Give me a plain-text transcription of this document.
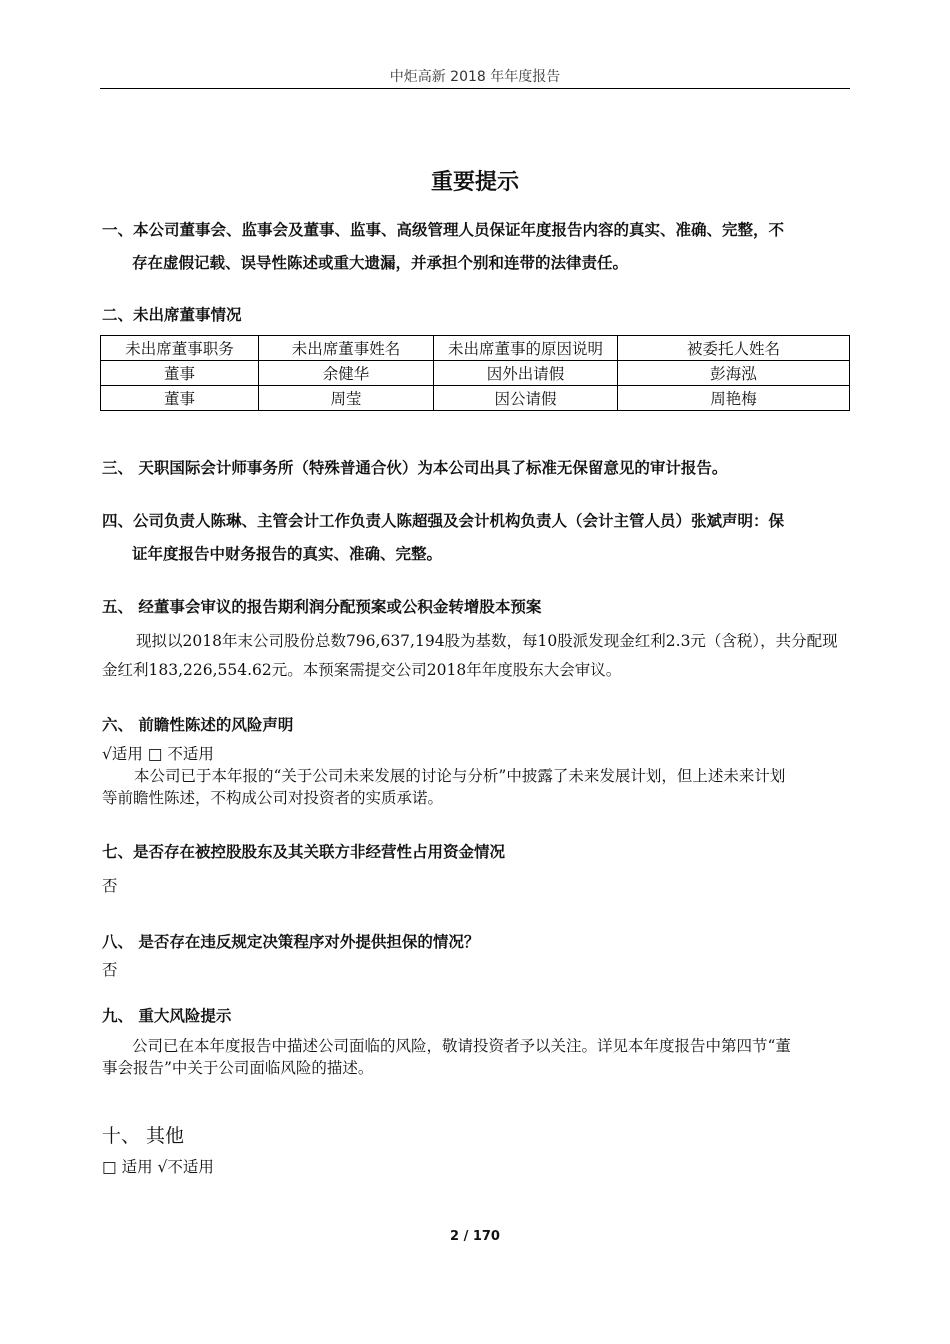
中炬高新 2018 年年度报告
重要提示
一、本公司董事会、监事会及董事、监事、高级管理人员保证年度报告内容的真实、准确、完整，不
存在虚假记载、误导性陈述或重大遗漏，并承担个别和连带的法律责任。
二、未出席董事情况
未出席董事职务	未出席董事姓名	未出席董事的原因说明	被委托人姓名
董事	余健华	因外出请假	彭海泓
董事	周莹	因公请假	周艳梅
三、 天职国际会计师事务所（特殊普通合伙）为本公司出具了标准无保留意见的审计报告。
四、公司负责人陈琳、主管会计工作负责人陈超强及会计机构负责人（会计主管人员）张斌声明：保
证年度报告中财务报告的真实、准确、完整。
五、 经董事会审议的报告期利润分配预案或公积金转增股本预案
现拟以2018年末公司股份总数796,637,194股为基数，每10股派发现金红利2.3元（含税），共分配现
金红利183,226,554.62元。本预案需提交公司2018年年度股东大会审议。
六、 前瞻性陈述的风险声明
√适用 □ 不适用
本公司已于本年报的“关于公司未来发展的讨论与分析”中披露了未来发展计划，但上述未来计划
等前瞻性陈述，不构成公司对投资者的实质承诺。
七、是否存在被控股股东及其关联方非经营性占用资金情况
否
八、 是否存在违反规定决策程序对外提供担保的情况？
否
九、 重大风险提示
公司已在本年度报告中描述公司面临的风险，敬请投资者予以关注。详见本年度报告中第四节“董
事会报告”中关于公司面临风险的描述。
十、 其他
□ 适用 √不适用
2 / 170
